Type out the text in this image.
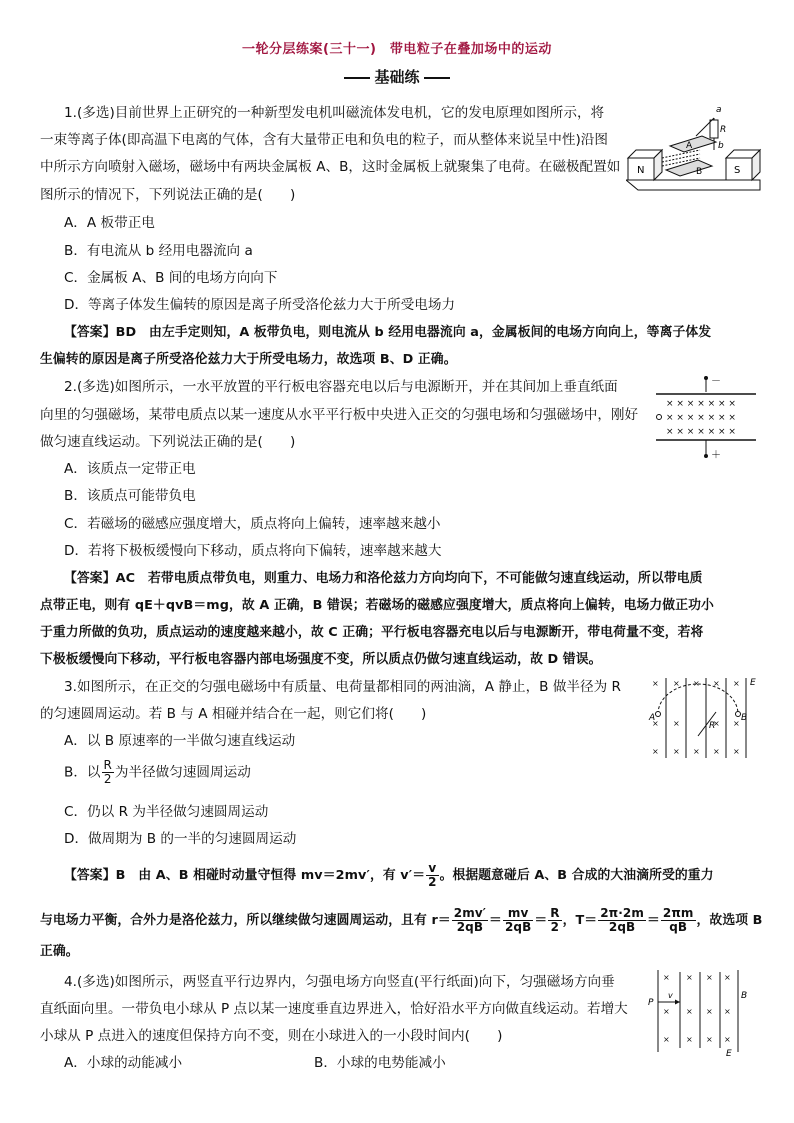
一轮分层练案(三十一)　带电粒子在叠加场中的运动
基础练
1.(多选)目前世界上正研究的一种新型发电机叫磁流体发电机，它的发电原理如图所示，将
一束等离子体(即高温下电离的气体，含有大量带正电和负电的粒子，而从整体来说呈中性)沿图
中所示方向喷射入磁场，磁场中有两块金属板 A、B，这时金属板上就聚集了电荷。在磁极配置如
图所示的情况下，下列说法正确的是(　　)
A．A 板带正电
B．有电流从 b 经用电器流向 a
C．金属板 A、B 间的电场方向向下
D．等离子体发生偏转的原因是离子所受洛伦兹力大于所受电场力
【答案】BD　由左手定则知，A 板带负电，则电流从 b 经用电器流向 a，金属板间的电场方向向上，等离子体发
生偏转的原因是离子所受洛伦兹力大于所受电场力，故选项 B、D 正确。
R
a
b
N	S
A
B
2.(多选)如图所示，一水平放置的平行板电容器充电以后与电源断开，并在其间加上垂直纸面
向里的匀强磁场，某带电质点以某一速度从水平平行板中央进入正交的匀强电场和匀强磁场中，刚好
做匀速直线运动。下列说法正确的是(　　)
A．该质点一定带正电
B．该质点可能带负电
C．若磁场的磁感应强度增大，质点将向上偏转，速率越来越小
D．若将下极板缓慢向下移动，质点将向下偏转，速率越来越大
【答案】AC　若带电质点带负电，则重力、电场力和洛伦兹力方向均向下，不可能做匀速直线运动，所以带电质
点带正电，则有 qE＋qvB＝mg，故 A 正确，B 错误；若磁场的磁感应强度增大，质点将向上偏转，电场力做正功小
于重力所做的负功，质点运动的速度越来越小，故 C 正确；平行板电容器充电以后与电源断开，带电荷量不变，若将
下极板缓慢向下移动，平行板电容器内部电场强度不变，所以质点仍做匀速直线运动，故 D 错误。
－
＋
× × × × × × ×
× × × × × × ×
× × × × × × ×
3.如图所示，在正交的匀强电磁场中有质量、电荷量都相同的两油滴，A 静止，B 做半径为 R
的匀速圆周运动。若 B 与 A 相碰并结合在一起，则它们将(　　)
A．以 B 原速率的一半做匀速直线运动
B．以 $\frac{R}{2}$ 为半径做匀速圆周运动
C．仍以 R 为半径做匀速圆周运动
D．做周期为 B 的一半的匀速圆周运动
【答案】B　由 A、B 相碰时动量守恒得 mv＝2mv′，有 $v'= \frac{v}{2}$ 。根据题意碰后 A、B 合成的大油滴所受的重力
与电场力平衡，合外力是洛伦兹力，所以继续做匀速圆周运动，且有 $r= \frac{2mv'}{2qB} = \frac{mv}{2qB} = \frac{R}{2}$ ，$T= \frac{2\pi\cdot 2m}{2qB} = \frac{2\pi m}{qB}$ ，故选项 B
正确。
× × × × ×
× ×	× ×
× × × × ×
A	B
R
E
4.(多选)如图所示，两竖直平行边界内，匀强电场方向竖直(平行纸面)向下，匀强磁场方向垂
直纸面向里。一带负电小球从 P 点以某一速度垂直边界进入，恰好沿水平方向做直线运动。若增大
小球从 P 点进入的速度但保持方向不变，则在小球进入的一小段时间内(　　)
A．小球的动能减小	B．小球的电势能减小
× × × ×
× × × ×
× × × ×
P
v	B
E
